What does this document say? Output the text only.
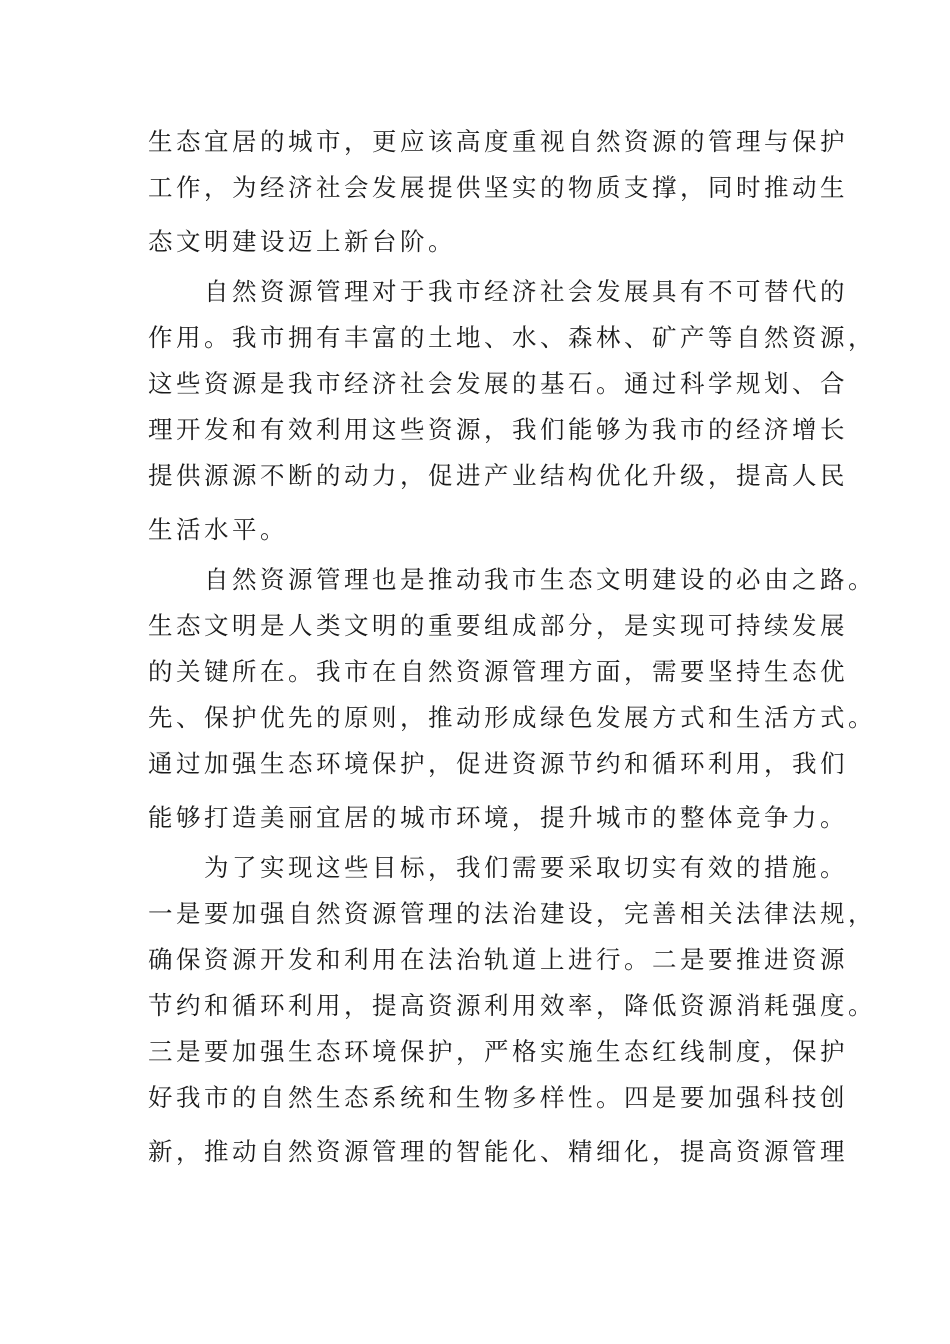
生态宜居的城市，更应该高度重视自然资源的管理与保护
工作，为经济社会发展提供坚实的物质支撑，同时推动生
态文明建设迈上新台阶。
自然资源管理对于我市经济社会发展具有不可替代的
作用。我市拥有丰富的土地、水、森林、矿产等自然资源，
这些资源是我市经济社会发展的基石。通过科学规划、合
理开发和有效利用这些资源，我们能够为我市的经济增长
提供源源不断的动力，促进产业结构优化升级，提高人民
生活水平。
自然资源管理也是推动我市生态文明建设的必由之路。
生态文明是人类文明的重要组成部分，是实现可持续发展
的关键所在。我市在自然资源管理方面，需要坚持生态优
先、保护优先的原则，推动形成绿色发展方式和生活方式。
通过加强生态环境保护，促进资源节约和循环利用，我们
能够打造美丽宜居的城市环境，提升城市的整体竞争力。
为了实现这些目标，我们需要采取切实有效的措施。
一是要加强自然资源管理的法治建设，完善相关法律法规，
确保资源开发和利用在法治轨道上进行。二是要推进资源
节约和循环利用，提高资源利用效率，降低资源消耗强度。
三是要加强生态环境保护，严格实施生态红线制度，保护
好我市的自然生态系统和生物多样性。四是要加强科技创
新，推动自然资源管理的智能化、精细化，提高资源管理
